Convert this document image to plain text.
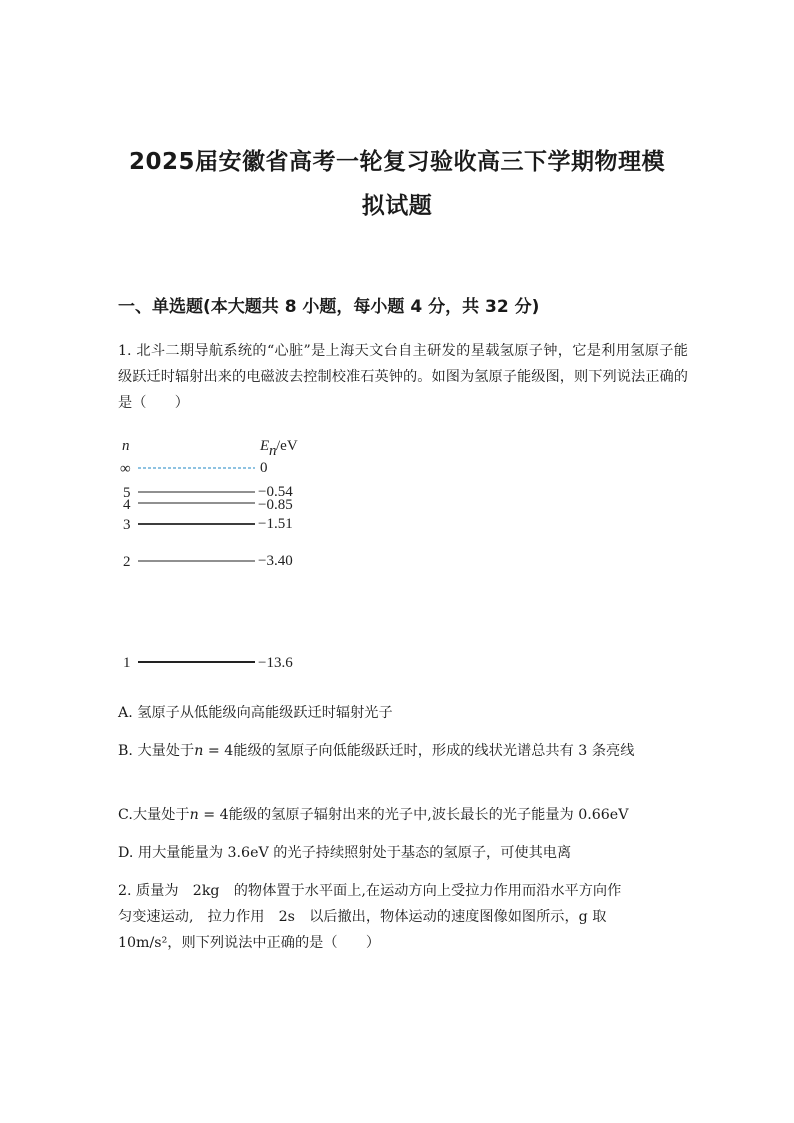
2025届安徽省高考一轮复习验收高三下学期物理模
拟试题
一、单选题(本大题共 8 小题，每小题 4 分，共 32 分)
1. 北斗二期导航系统的“心脏”是上海天文台自主研发的星载氢原子钟，它是利用氢原子能级跃迁时辐射出来的电磁波去控制校准石英钟的。如图为氢原子能级图，则下列说法正确的是（　　）
n	E n /eV
∞	0
5	−0.54
4	−0.85
3	−1.51
2	−3.40
1	−13.6
A. 氢原子从低能级向高能级跃迁时辐射光子
B. 大量处于n = 4能级的氢原子向低能级跃迁时，形成的线状光谱总共有 3 条亮线
C.大量处于n = 4能级的氢原子辐射出来的光子中,波长最长的光子能量为 0.66eV
D. 用大量能量为 3.6eV 的光子持续照射处于基态的氢原子，可使其电离
2. 质量为　2kg　的物体置于水平面上,在运动方向上受拉力作用而沿水平方向作
匀变速运动,　拉力作用　2s　以后撤出，物体运动的速度图像如图所示，g 取
10m/s²，则下列说法中正确的是（　　）
